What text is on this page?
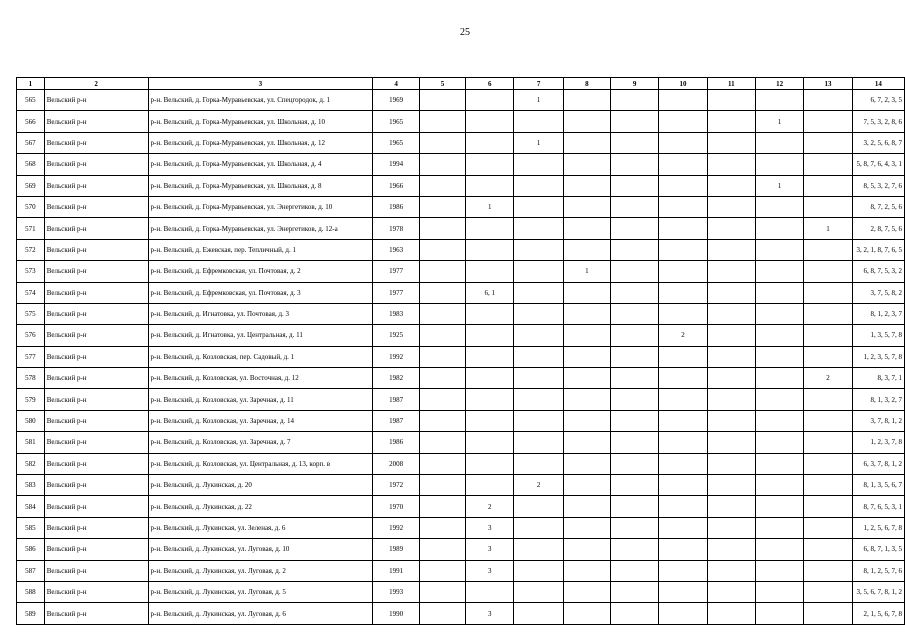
25
1	2	3	4	5	6	7	8	9	10	11	12	13	14
565	Вельский р-н	р-н. Вельский, д. Горка-Муравьевская, ул. Спецгородок, д. 1	1969			1							6, 7, 2, 3, 5
566	Вельский р-н	р-н. Вельский, д. Горка-Муравьевская, ул. Школьная, д. 10	1965								1		7, 5, 3, 2, 8, 6
567	Вельский р-н	р-н. Вельский, д. Горка-Муравьевская, ул. Школьная, д. 12	1965			1							3, 2, 5, 6, 8, 7
568	Вельский р-н	р-н. Вельский, д. Горка-Муравьевская, ул. Школьная, д. 4	1994										5, 8, 7, 6, 4, 3, 1
569	Вельский р-н	р-н. Вельский, д. Горка-Муравьевская, ул. Школьная, д. 8	1966								1		8, 5, 3, 2, 7, 6
570	Вельский р-н	р-н. Вельский, д. Горка-Муравьевская, ул. Энергетиков, д. 10	1986		1								8, 7, 2, 5, 6
571	Вельский р-н	р-н. Вельский, д. Горка-Муравьевская, ул. Энергетиков, д. 12-а	1978									1	2, 8, 7, 5, 6
572	Вельский р-н	р-н. Вельский, д. Ежевская, пер. Тепличный, д. 1	1963										3, 2, 1, 8, 7, 6, 5
573	Вельский р-н	р-н. Вельский, д. Ефремковская, ул. Почтовая, д. 2	1977				1						6, 8, 7, 5, 3, 2
574	Вельский р-н	р-н. Вельский, д. Ефремковская, ул. Почтовая, д. 3	1977		6, 1								3, 7, 5, 8, 2
575	Вельский р-н	р-н. Вельский, д. Игнатовка, ул. Почтовая, д. 3	1983										8, 1, 2, 3, 7
576	Вельский р-н	р-н. Вельский, д. Игнатовка, ул. Центральная, д. 11	1925						2				1, 3, 5, 7, 8
577	Вельский р-н	р-н. Вельский, д. Козловская, пер. Садовый, д. 1	1992										1, 2, 3, 5, 7, 8
578	Вельский р-н	р-н. Вельский, д. Козловская, ул. Восточная, д. 12	1982									2	8, 3, 7, 1
579	Вельский р-н	р-н. Вельский, д. Козловская, ул. Заречная, д. 11	1987										8, 1, 3, 2, 7
580	Вельский р-н	р-н. Вельский, д. Козловская, ул. Заречная, д. 14	1987										3, 7, 8, 1, 2
581	Вельский р-н	р-н. Вельский, д. Козловская, ул. Заречная, д. 7	1986										1, 2, 3, 7, 8
582	Вельский р-н	р-н. Вельский, д. Козловская, ул. Центральная, д. 13, корп. в	2008										6, 3, 7, 8, 1, 2
583	Вельский р-н	р-н. Вельский, д. Лукинская, д. 20	1972			2							8, 1, 3, 5, 6, 7
584	Вельский р-н	р-н. Вельский, д. Лукинская, д. 22	1970		2								8, 7, 6, 5, 3, 1
585	Вельский р-н	р-н. Вельский, д. Лукинская, ул. Зеленая, д. 6	1992		3								1, 2, 5, 6, 7, 8
586	Вельский р-н	р-н. Вельский, д. Лукинская, ул. Луговая, д. 10	1989		3								6, 8, 7, 1, 3, 5
587	Вельский р-н	р-н. Вельский, д. Лукинская, ул. Луговая, д. 2	1991		3								8, 1, 2, 5, 7, 6
588	Вельский р-н	р-н. Вельский, д. Лукинская, ул. Луговая, д. 5	1993										3, 5, 6, 7, 8, 1, 2
589	Вельский р-н	р-н. Вельский, д. Лукинская, ул. Луговая, д. 6	1990		3								2, 1, 5, 6, 7, 8
